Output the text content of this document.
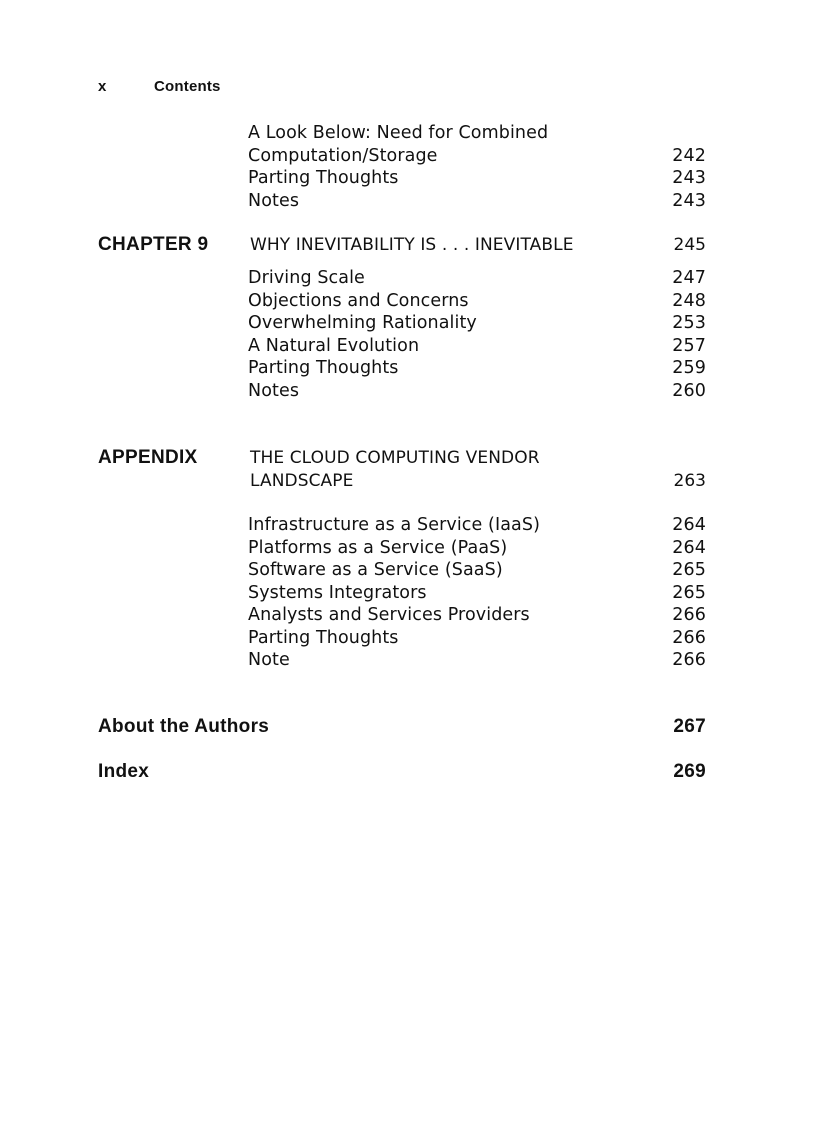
x	Contents
A Look Below: Need for Combined Computation/Storage	242
Parting Thoughts	243
Notes	243
CHAPTER 9 WHY INEVITABILITY IS . . . INEVITABLE	245
Driving Scale	247
Objections and Concerns	248
Overwhelming Rationality	253
A Natural Evolution	257
Parting Thoughts	259
Notes	260
APPENDIX	THE CLOUD COMPUTING VENDOR LANDSCAPE	263
Infrastructure as a Service (IaaS)	264
Platforms as a Service (PaaS)	264
Software as a Service (SaaS)	265
Systems Integrators	265
Analysts and Services Providers	266
Parting Thoughts	266
Note	266
About the Authors	267
Index	269
